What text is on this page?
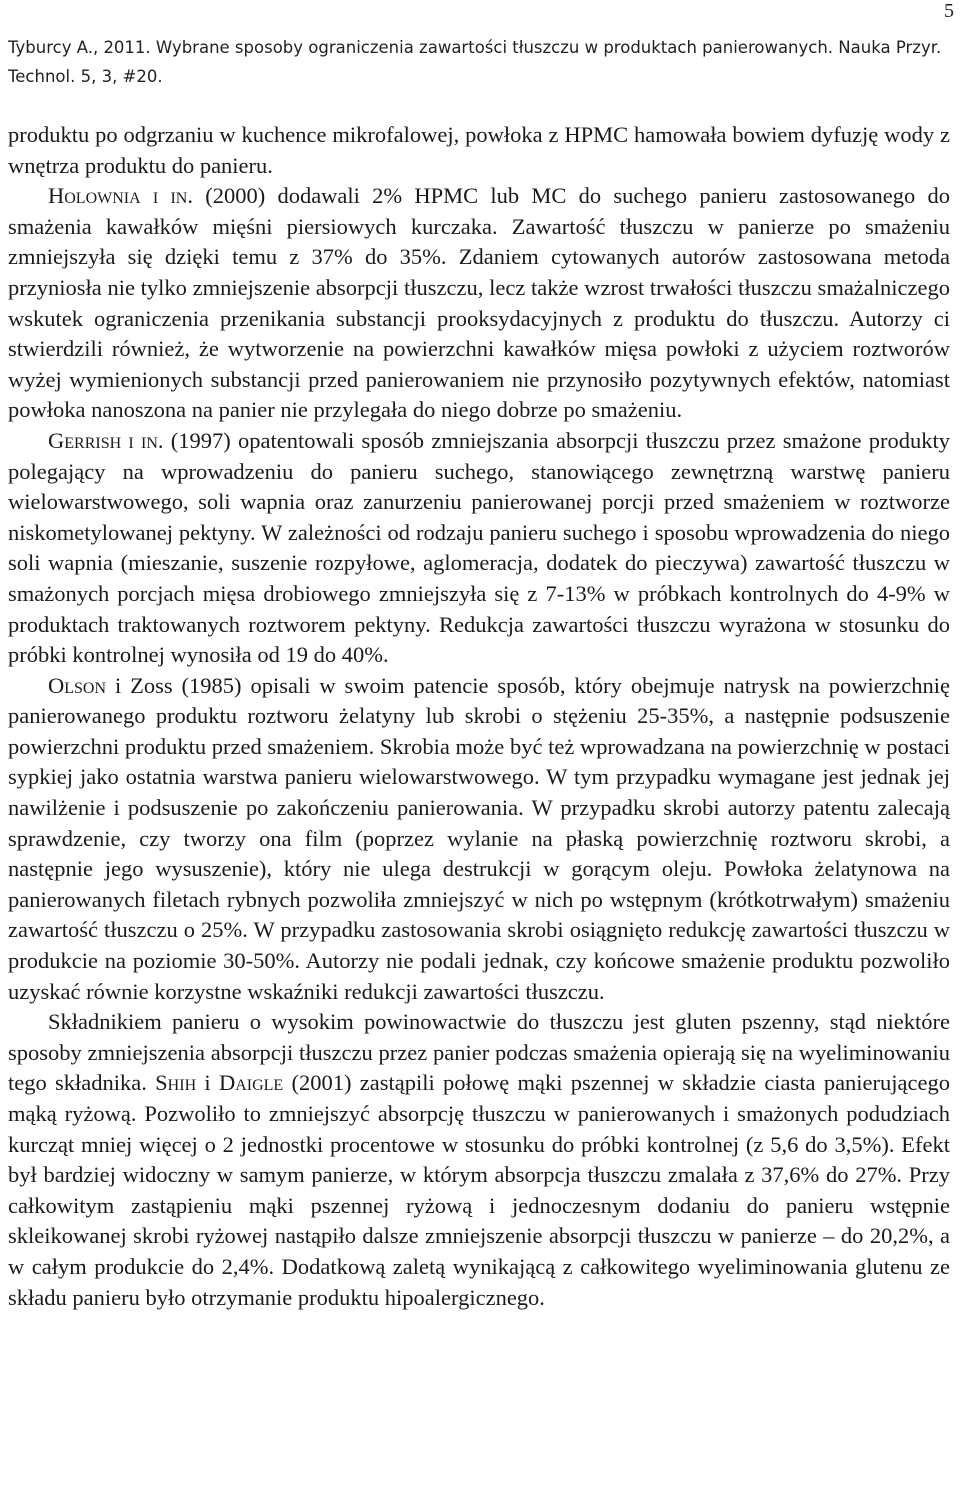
5
Tyburcy A., 2011. Wybrane sposoby ograniczenia zawartości tłuszczu w produktach panierowanych. Nauka Przyr. Technol. 5, 3, #20.

produktu po odgrzaniu w kuchence mikrofalowej, powłoka z HPMC hamowała bowiem dyfuzję wody z wnętrza produktu do panieru.

Holownia i in. (2000) dodawali 2% HPMC lub MC do suchego panieru zastosowanego do smażenia kawałków mięśni piersiowych kurczaka. Zawartość tłuszczu w panierze po smażeniu zmniejszyła się dzięki temu z 37% do 35%. Zdaniem cytowanych autorów zastosowana metoda przyniosła nie tylko zmniejszenie absorpcji tłuszczu, lecz także wzrost trwałości tłuszczu smażalniczego wskutek ograniczenia przenikania substancji prooksydacyjnych z produktu do tłuszczu. Autorzy ci stwierdzili również, że wytworzenie na powierzchni kawałków mięsa powłoki z użyciem roztworów wyżej wymienionych substancji przed panierowaniem nie przynosiło pozytywnych efektów, natomiast powłoka nanoszona na panier nie przylegała do niego dobrze po smażeniu.

Gerrish i in. (1997) opatentowali sposób zmniejszania absorpcji tłuszczu przez smażone produkty polegający na wprowadzeniu do panieru suchego, stanowiącego zewnętrzną warstwę panieru wielowarstwowego, soli wapnia oraz zanurzeniu panierowanej porcji przed smażeniem w roztworze niskometylowanej pektyny. W zależności od rodzaju panieru suchego i sposobu wprowadzenia do niego soli wapnia (mieszanie, suszenie rozpyłowe, aglomeracja, dodatek do pieczywa) zawartość tłuszczu w smażonych porcjach mięsa drobiowego zmniejszyła się z 7-13% w próbkach kontrolnych do 4-9% w produktach traktowanych roztworem pektyny. Redukcja zawartości tłuszczu wyrażona w stosunku do próbki kontrolnej wynosiła od 19 do 40%.

Olson i Zoss (1985) opisali w swoim patencie sposób, który obejmuje natrysk na powierzchnię panierowanego produktu roztworu żelatyny lub skrobi o stężeniu 25-35%, a następnie podsuszenie powierzchni produktu przed smażeniem. Skrobia może być też wprowadzana na powierzchnię w postaci sypkiej jako ostatnia warstwa panieru wielowarstwowego. W tym przypadku wymagane jest jednak jej nawilżenie i podsuszenie po zakończeniu panierowania. W przypadku skrobi autorzy patentu zalecają sprawdzenie, czy tworzy ona film (poprzez wylanie na płaską powierzchnię roztworu skrobi, a następnie jego wysuszenie), który nie ulega destrukcji w gorącym oleju. Powłoka żelatynowa na panierowanych filetach rybnych pozwoliła zmniejszyć w nich po wstępnym (krótkotrwałym) smażeniu zawartość tłuszczu o 25%. W przypadku zastosowania skrobi osiągnięto redukcję zawartości tłuszczu w produkcie na poziomie 30-50%. Autorzy nie podali jednak, czy końcowe smażenie produktu pozwoliło uzyskać równie korzystne wskaźniki redukcji zawartości tłuszczu.

Składnikiem panieru o wysokim powinowactwie do tłuszczu jest gluten pszenny, stąd niektóre sposoby zmniejszenia absorpcji tłuszczu przez panier podczas smażenia opierają się na wyeliminowaniu tego składnika. Shih i Daigle (2001) zastąpili połowę mąki pszennej w składzie ciasta panierującego mąką ryżową. Pozwoliło to zmniejszyć absorpcję tłuszczu w panierowanych i smażonych podudziach kurcząt mniej więcej o 2 jednostki procentowe w stosunku do próbki kontrolnej (z 5,6 do 3,5%). Efekt był bardziej widoczny w samym panierze, w którym absorpcja tłuszczu zmalała z 37,6% do 27%. Przy całkowitym zastąpieniu mąki pszennej ryżową i jednoczesnym dodaniu do panieru wstępnie skleikowanej skrobi ryżowej nastąpiło dalsze zmniejszenie absorpcji tłuszczu w panierze – do 20,2%, a w całym produkcie do 2,4%. Dodatkową zaletą wynikającą z całkowitego wyeliminowania glutenu ze składu panieru było otrzymanie produktu hipoalergicznego.
